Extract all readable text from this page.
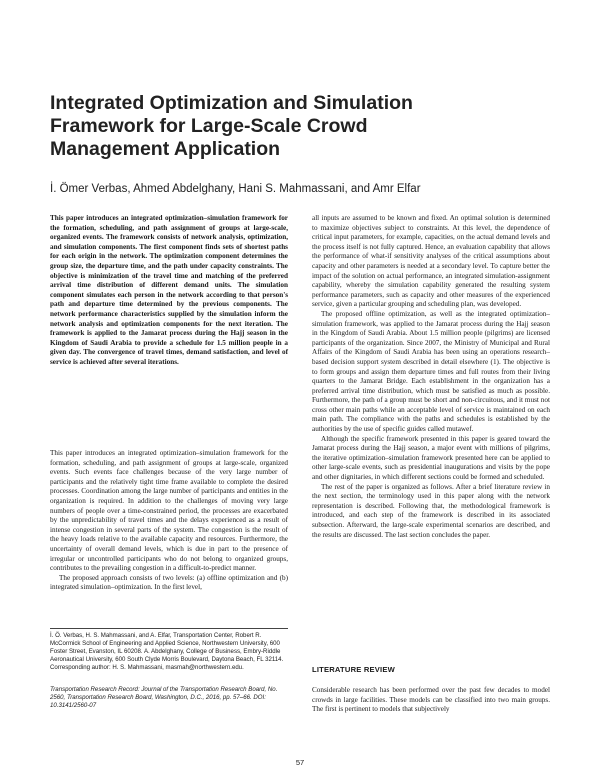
Integrated Optimization and Simulation Framework for Large-Scale Crowd Management Application
İ. Ömer Verbas, Ahmed Abdelghany, Hani S. Mahmassani, and Amr Elfar
This paper introduces an integrated optimization–simulation framework for the formation, scheduling, and path assignment of groups at large-scale, organized events. The framework consists of network analysis, optimization, and simulation components. The first component finds sets of shortest paths for each origin in the network. The optimization component determines the group size, the departure time, and the path under capacity constraints. The objective is minimization of the travel time and matching of the preferred arrival time distribution of different demand units. The simulation component simulates each person in the network according to that person's path and departure time determined by the previous components. The network performance characteristics supplied by the simulation inform the network analysis and optimization components for the next iteration. The framework is applied to the Jamarat process during the Hajj season in the Kingdom of Saudi Arabia to provide a schedule for 1.5 million people in a given day. The convergence of travel times, demand satisfaction, and level of service is achieved after several iterations.

This paper introduces an integrated optimization–simulation framework for the formation, scheduling, and path assignment of groups at large-scale, organized events. Such events face challenges because of the very large number of participants and the relatively tight time frame available to complete the desired processes. Coordination among the large number of participants and entities in the organization is required. In addition to the challenges of moving very large numbers of people over a time-constrained period, the processes are exacerbated by the unpredictability of travel times and the delays experienced as a result of intense congestion in several parts of the system. The congestion is the result of the heavy loads relative to the available capacity and resources. Furthermore, the uncertainty of overall demand levels, which is due in part to the presence of irregular or uncontrolled participants who do not belong to organized groups, contributes to the prevailing congestion in a difficult-to-predict manner.

The proposed approach consists of two levels: (a) offline optimization and (b) integrated simulation–optimization. In the first level,

İ. Ö. Verbas, H. S. Mahmassani, and A. Elfar, Transportation Center, Robert R. McCormick School of Engineering and Applied Science, Northwestern University, 600 Foster Street, Evanston, IL 60208. A. Abdelghany, College of Business, Embry-Riddle Aeronautical University, 600 South Clyde Morris Boulevard, Daytona Beach, FL 32114. Corresponding author: H. S. Mahmassani, masmah@northwestern.edu.
Transportation Research Record: Journal of the Transportation Research Board, No. 2560, Transportation Research Board, Washington, D.C., 2016, pp. 57–66. DOI: 10.3141/2560-07

all inputs are assumed to be known and fixed. An optimal solution is determined to maximize objectives subject to constraints. At this level, the dependence of critical input parameters, for example, capacities, on the actual demand levels and the process itself is not fully captured. Hence, an evaluation capability that allows the performance of what-if sensitivity analyses of the critical assumptions about capacity and other parameters is needed at a secondary level. To capture better the impact of the solution on actual performance, an integrated simulation-assignment capability, whereby the simulation capability generated the resulting system performance parameters, such as capacity and other measures of the experienced service, given a particular grouping and scheduling plan, was developed.

The proposed offline optimization, as well as the integrated optimization–simulation framework, was applied to the Jamarat process during the Hajj season in the Kingdom of Saudi Arabia. About 1.5 million people (pilgrims) are licensed participants of the organization. Since 2007, the Ministry of Municipal and Rural Affairs of the Kingdom of Saudi Arabia has been using an operations research–based decision support system described in detail elsewhere (1). The objective is to form groups and assign them departure times and full routes from their living quarters to the Jamarat Bridge. Each establishment in the organization has a preferred arrival time distribution, which must be satisfied as much as possible. Furthermore, the path of a group must be short and non-circuitous, and it must not cross other main paths while an acceptable level of service is maintained on each main path. The compliance with the paths and schedules is established by the authorities by the use of specific guides called mutawef.

Although the specific framework presented in this paper is geared toward the Jamarat process during the Hajj season, a major event with millions of pilgrims, the iterative optimization–simulation framework presented here can be applied to other large-scale events, such as presidential inaugurations and visits by the pope and other dignitaries, in which different sections could be formed and scheduled.

The rest of the paper is organized as follows. After a brief literature review in the next section, the terminology used in this paper along with the network representation is described. Following that, the methodological framework is introduced, and each step of the framework is described in its associated subsection. Afterward, the large-scale experimental scenarios are described, and the results are discussed. The last section concludes the paper.

LITERATURE REVIEW

Considerable research has been performed over the past few decades to model crowds in large facilities. These models can be classified into two main groups. The first is pertinent to models that subjectively

57
